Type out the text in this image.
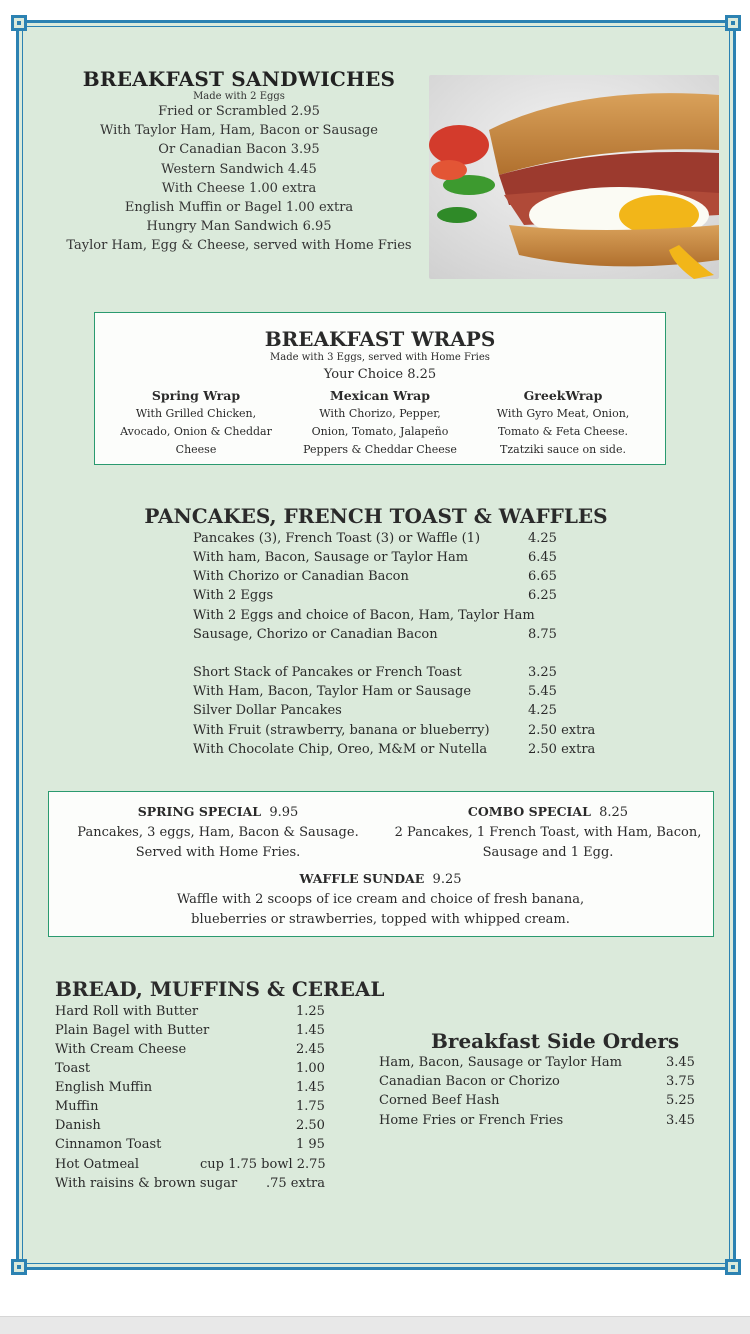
BREAKFAST SANDWICHES
Made with 2 Eggs
Fried or Scrambled 2.95
With Taylor Ham, Ham, Bacon or Sausage
Or Canadian Bacon 3.95
Western Sandwich 4.45
With Cheese 1.00 extra
English Muffin or Bagel 1.00 extra
Hungry Man Sandwich 6.95
Taylor Ham, Egg & Cheese, served with Home Fries
BREAKFAST WRAPS
Made with 3 Eggs, served with Home Fries
Your Choice 8.25
Spring Wrap
With Grilled Chicken,
Avocado, Onion & Cheddar
Cheese
Mexican Wrap
With Chorizo, Pepper,
Onion, Tomato, Jalapeño
Peppers & Cheddar Cheese
GreekWrap
With Gyro Meat, Onion,
Tomato & Feta Cheese.
Tzatziki sauce on side.
PANCAKES, FRENCH TOAST & WAFFLES
Pancakes (3), French Toast (3) or Waffle (1)	4.25
With ham, Bacon, Sausage or Taylor Ham	6.45
With Chorizo or Canadian Bacon	6.65
With 2 Eggs	6.25
With 2 Eggs and choice of Bacon, Ham, Taylor Ham
Sausage, Chorizo or Canadian Bacon	8.75
Short Stack of Pancakes or French Toast	3.25
With Ham, Bacon, Taylor Ham or Sausage	5.45
Silver Dollar Pancakes	4.25
With Fruit (strawberry, banana or blueberry)	2.50 extra
With Chocolate Chip, Oreo, M&M or Nutella	2.50 extra
SPRING SPECIAL 9.95
Pancakes, 3 eggs, Ham, Bacon & Sausage.
Served with Home Fries.
COMBO SPECIAL 8.25
2 Pancakes, 1 French Toast, with Ham, Bacon,
Sausage and 1 Egg.
WAFFLE SUNDAE 9.25
Waffle with 2 scoops of ice cream and choice of fresh banana,
blueberries or strawberries, topped with whipped cream.
BREAD, MUFFINS & CEREAL
Hard Roll with Butter	1.25
Plain Bagel with Butter	1.45
With Cream Cheese	2.45
Toast	1.00
English Muffin	1.45
Muffin	1.75
Danish	2.50
Cinnamon Toast	1 95
Hot Oatmeal	cup 1.75 bowl 2.75
With raisins & brown sugar .75 extra
Breakfast Side Orders
Ham, Bacon, Sausage or Taylor Ham	3.45
Canadian Bacon or Chorizo	3.75
Corned Beef Hash	5.25
Home Fries or French Fries	3.45
